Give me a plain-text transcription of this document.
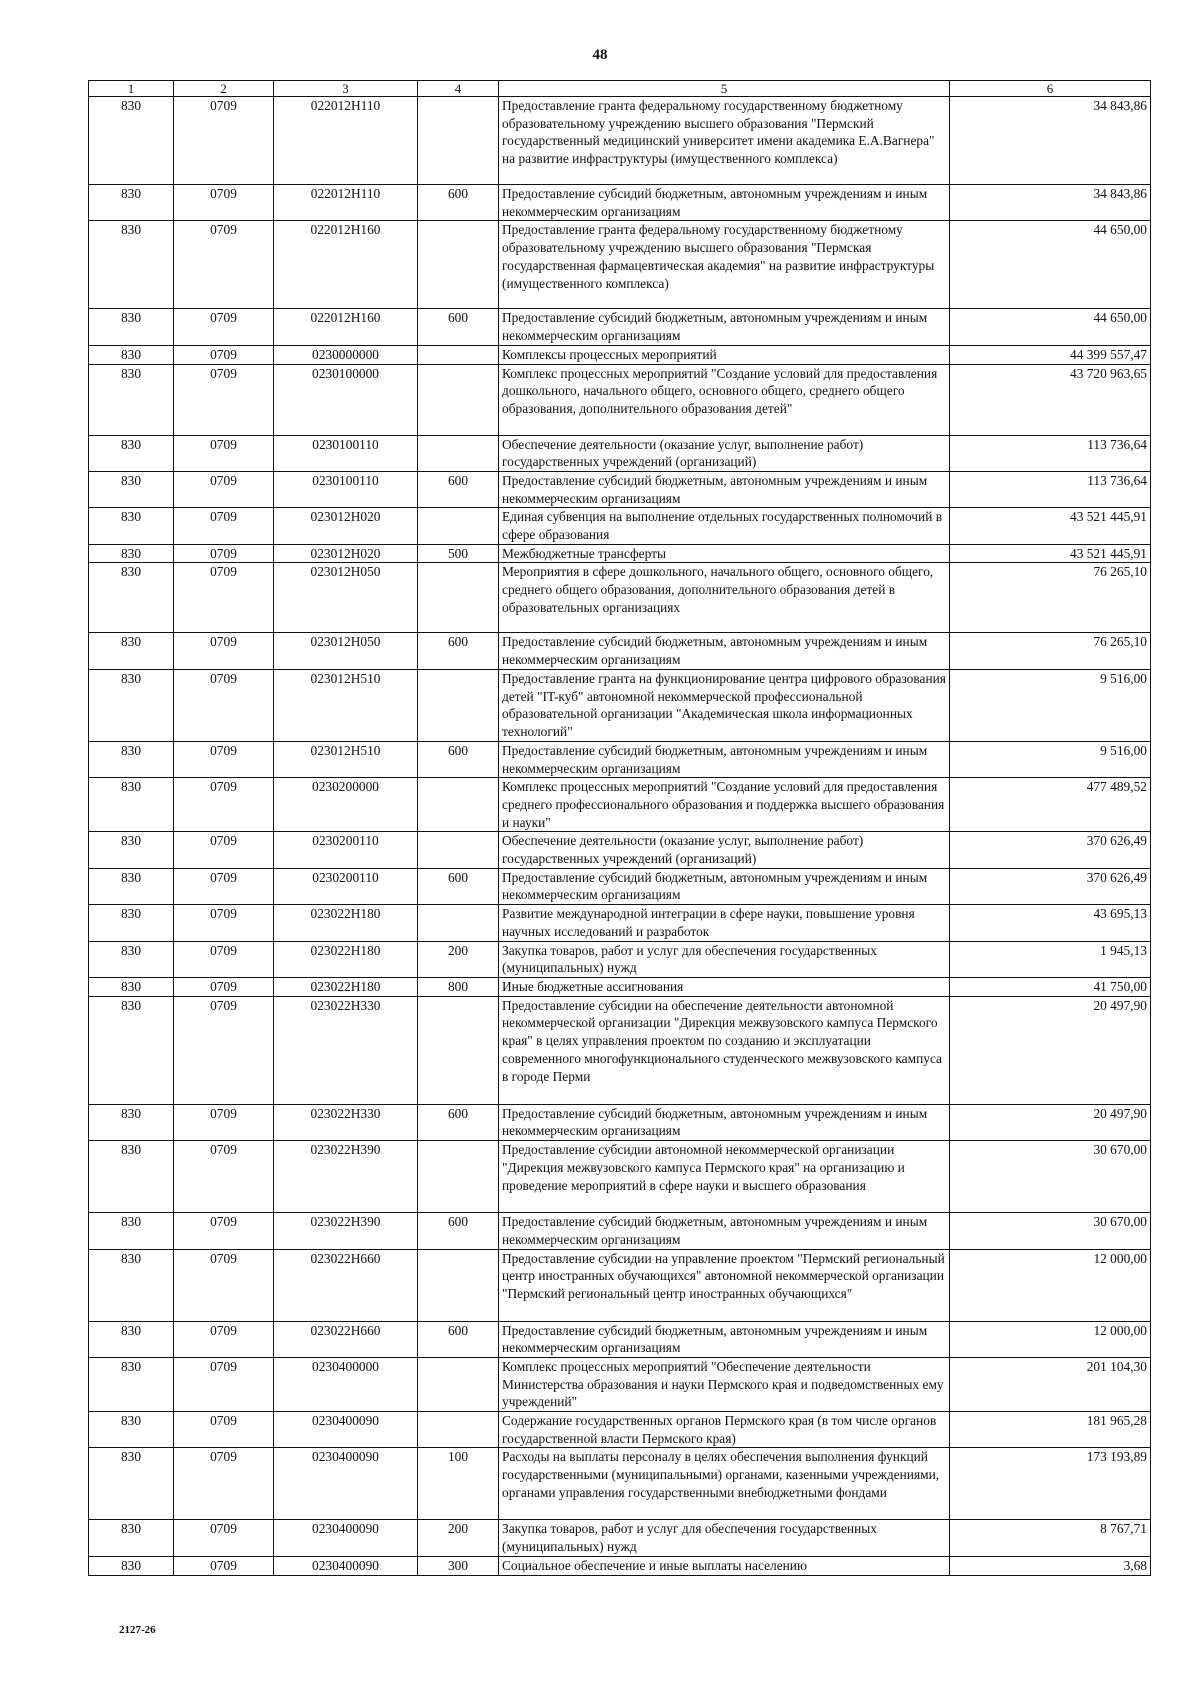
48
1	2	3	4	5	6
830	0709	022012Н110		Предоставление гранта федеральному государственному бюджетному образовательному учреждению высшего образования "Пермский государственный медицинский университет имени академика Е.А.Вагнера" на развитие инфраструктуры (имущественного комплекса)	34 843,86
830	0709	022012Н110	600	Предоставление субсидий бюджетным, автономным учреждениям и иным некоммерческим организациям	34 843,86
830	0709	022012Н160		Предоставление гранта федеральному государственному бюджетному образовательному учреждению высшего образования "Пермская государственная фармацевтическая академия" на развитие инфраструктуры (имущественного комплекса)	44 650,00
830	0709	022012Н160	600	Предоставление субсидий бюджетным, автономным учреждениям и иным некоммерческим организациям	44 650,00
830	0709	0230000000		Комплексы процессных мероприятий	44 399 557,47
830	0709	0230100000		Комплекс процессных мероприятий "Создание условий для предоставления дошкольного, начального общего, основного общего, среднего общего образования, дополнительного образования детей"	43 720 963,65
830	0709	0230100110		Обеспечение деятельности (оказание услуг, выполнение работ) государственных учреждений (организаций)	113 736,64
830	0709	0230100110	600	Предоставление субсидий бюджетным, автономным учреждениям и иным некоммерческим организациям	113 736,64
830	0709	023012Н020		Единая субвенция на выполнение отдельных государственных полномочий в сфере образования	43 521 445,91
830	0709	023012Н020	500	Межбюджетные трансферты	43 521 445,91
830	0709	023012Н050		Мероприятия в сфере дошкольного, начального общего, основного общего, среднего общего образования, дополнительного образования детей в образовательных организациях	76 265,10
830	0709	023012Н050	600	Предоставление субсидий бюджетным, автономным учреждениям и иным некоммерческим организациям	76 265,10
830	0709	023012Н510		Предоставление гранта на функционирование центра цифрового образования детей "IT-куб" автономной некоммерческой профессиональной образовательной организации "Академическая школа информационных технологий"	9 516,00
830	0709	023012Н510	600	Предоставление субсидий бюджетным, автономным учреждениям и иным некоммерческим организациям	9 516,00
830	0709	0230200000		Комплекс процессных мероприятий "Создание условий для предоставления среднего профессионального образования и поддержка высшего образования и науки"	477 489,52
830	0709	0230200110		Обеспечение деятельности (оказание услуг, выполнение работ) государственных учреждений (организаций)	370 626,49
830	0709	0230200110	600	Предоставление субсидий бюджетным, автономным учреждениям и иным некоммерческим организациям	370 626,49
830	0709	023022Н180		Развитие международной интеграции в сфере науки, повышение уровня научных исследований и разработок	43 695,13
830	0709	023022Н180	200	Закупка товаров, работ и услуг для обеспечения государственных (муниципальных) нужд	1 945,13
830	0709	023022Н180	800	Иные бюджетные ассигнования	41 750,00
830	0709	023022Н330		Предоставление субсидии на обеспечение деятельности автономной некоммерческой организации "Дирекция межвузовского кампуса Пермского края" в целях управления проектом по созданию и эксплуатации современного многофункционального студенческого межвузовского кампуса в городе Перми	20 497,90
830	0709	023022Н330	600	Предоставление субсидий бюджетным, автономным учреждениям и иным некоммерческим организациям	20 497,90
830	0709	023022Н390		Предоставление субсидии автономной некоммерческой организации "Дирекция межвузовского кампуса Пермского края" на организацию и проведение мероприятий в сфере науки и высшего образования	30 670,00
830	0709	023022Н390	600	Предоставление субсидий бюджетным, автономным учреждениям и иным некоммерческим организациям	30 670,00
830	0709	023022Н660		Предоставление субсидии на управление проектом "Пермский региональный центр иностранных обучающихся" автономной некоммерческой организации "Пермский региональный центр иностранных обучающихся"	12 000,00
830	0709	023022Н660	600	Предоставление субсидий бюджетным, автономным учреждениям и иным некоммерческим организациям	12 000,00
830	0709	0230400000		Комплекс процессных мероприятий "Обеспечение деятельности Министерства образования и науки Пермского края и подведомственных ему учреждений"	201 104,30
830	0709	0230400090		Содержание государственных органов Пермского края (в том числе органов государственной власти Пермского края)	181 965,28
830	0709	0230400090	100	Расходы на выплаты персоналу в целях обеспечения выполнения функций государственными (муниципальными) органами, казенными учреждениями, органами управления государственными внебюджетными фондами	173 193,89
830	0709	0230400090	200	Закупка товаров, работ и услуг для обеспечения государственных (муниципальных) нужд	8 767,71
830	0709	0230400090	300	Социальное обеспечение и иные выплаты населению	3,68
2127-26
